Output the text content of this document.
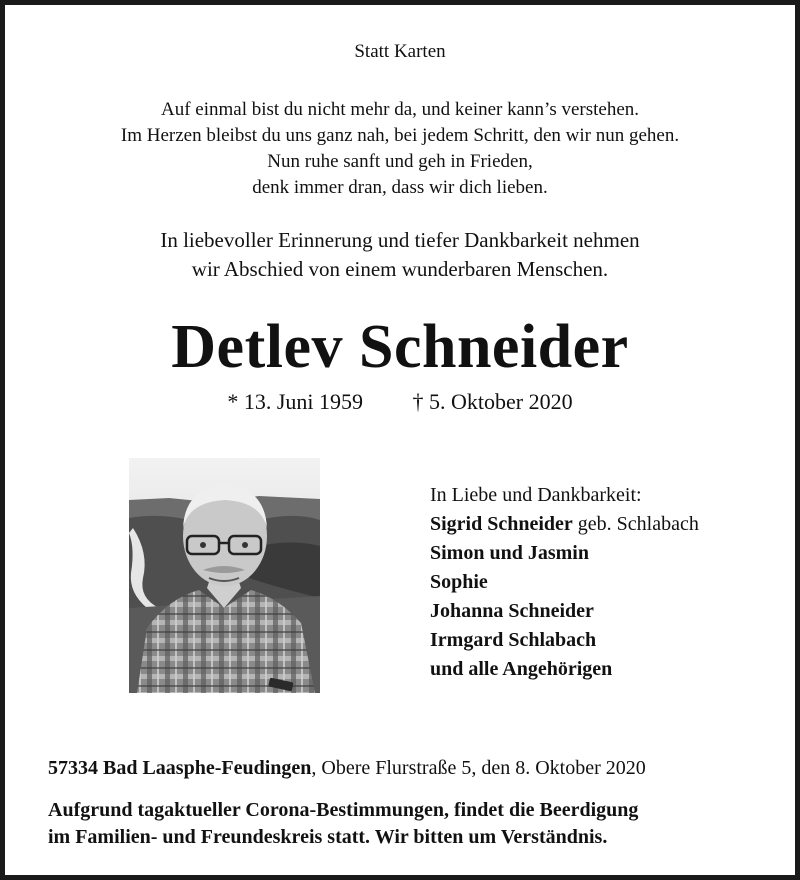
Statt Karten
Auf einmal bist du nicht mehr da, und keiner kann’s verstehen.
Im Herzen bleibst du uns ganz nah, bei jedem Schritt, den wir nun gehen.
Nun ruhe sanft und geh in Frieden,
denk immer dran, dass wir dich lieben.
In liebevoller Erinnerung und tiefer Dankbarkeit nehmen
wir Abschied von einem wunderbaren Menschen.
Detlev Schneider
* 13. Juni 1959 † 5. Oktober 2020
In Liebe und Dankbarkeit:
Sigrid Schneider geb. Schlabach
Simon und Jasmin
Sophie
Johanna Schneider
Irmgard Schlabach
und alle Angehörigen
57334 Bad Laasphe-Feudingen, Obere Flurstraße 5, den 8. Oktober 2020
Aufgrund tagaktueller Corona-Bestimmungen, findet die Beerdigung
im Familien- und Freundeskreis statt. Wir bitten um Verständnis.
